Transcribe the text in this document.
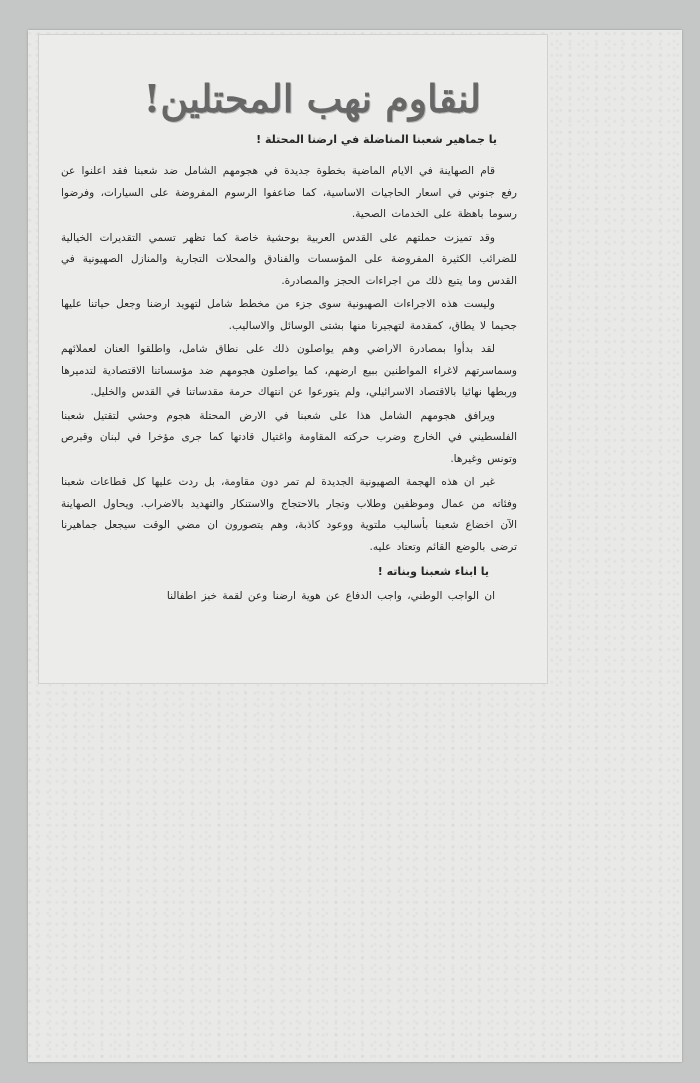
لنقاوم نهب المحتلين!
يا جماهير شعبنا المناضلة في ارضنا المحتلة !

قام الصهاينة في الايام الماضية بخطوة جديدة في هجومهم الشامل ضد شعبنا فقد اعلنوا عن رفع جنوني في اسعار الحاجيات الاساسية، كما ضاعفوا الرسوم المفروضة على السيارات، وفرضوا رسوما باهظة على الخدمات الصحية.

وقد تميزت حملتهم على القدس العربية بوحشية خاصة كما تظهر تسمي التقديرات الخيالية للضرائب الكثيرة المفروضة على المؤسسات والفنادق والمحلات التجارية والمنازل الصهيونية في القدس وما يتبع ذلك من اجراءات الحجز والمصادرة.

وليست هذه الاجراءات الصهيونية سوى جزء من مخطط شامل لتهويد ارضنا وجعل حياتنا عليها جحيما لا يطاق، كمقدمة لتهجيرنا منها بشتى الوسائل والاساليب.

لقد بدأوا بمصادرة الاراضي وهم يواصلون ذلك على نطاق شامل، واطلقوا العنان لعملائهم وسماسرتهم لاغراء المواطنين ببيع ارضهم، كما يواصلون هجومهم ضد مؤسساتنا الاقتصادية لتدميرها وربطها نهائيا بالاقتصاد الاسرائيلي، ولم يتورعوا عن انتهاك حرمة مقدساتنا في القدس والخليل.

ويرافق هجومهم الشامل هذا على شعبنا في الارض المحتلة هجوم وحشي لتقتيل شعبنا الفلسطيني في الخارج وضرب حركته المقاومة واغتيال قادتها كما جرى مؤخرا في لبنان وقبرص وتونس وغيرها.

غير ان هذه الهجمة الصهيونية الجديدة لم تمر دون مقاومة، بل ردت عليها كل قطاعات شعبنا وفئاته من عمال وموظفين وطلاب وتجار بالاحتجاج والاستنكار والتهديد بالاضراب. ويحاول الصهاينة الآن اخضاع شعبنا بأساليب ملتوية ووعود كاذبة، وهم يتصورون ان مضي الوقت سيجعل جماهيرنا ترضى بالوضع القائم وتعتاد عليه.

يا ابناء شعبنا وبناته !

ان الواجب الوطني، واجب الدفاع عن هوية ارضنا وعن لقمة خبز اطفالنا
